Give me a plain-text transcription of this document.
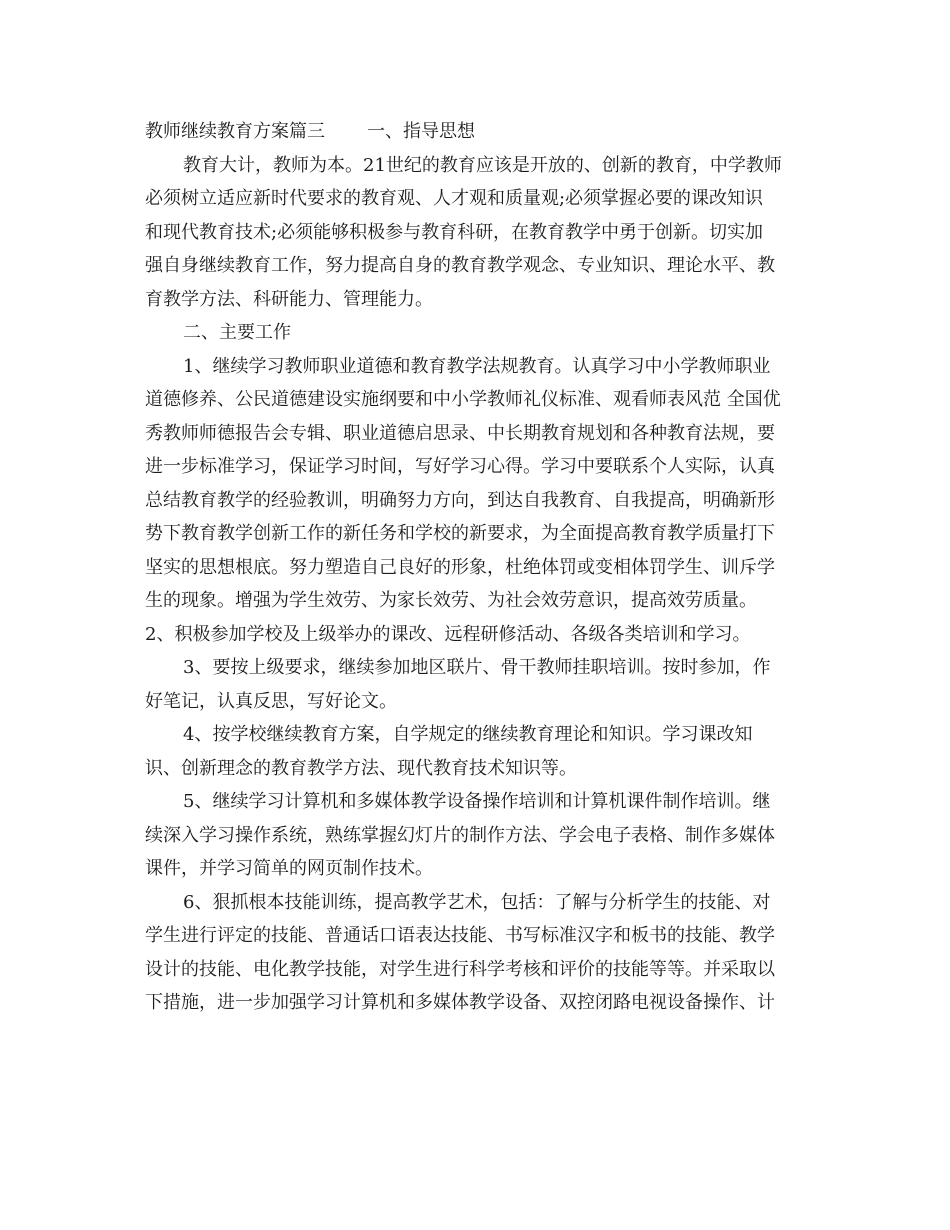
教师继续教育方案篇三 一、指导思想
教育大计，教师为本。21世纪的教育应该是开放的、创新的教育，中学教师
必须树立适应新时代要求的教育观、人才观和质量观;必须掌握必要的课改知识
和现代教育技术;必须能够积极参与教育科研，在教育教学中勇于创新。切实加
强自身继续教育工作，努力提高自身的教育教学观念、专业知识、理论水平、教
育教学方法、科研能力、管理能力。
二、主要工作
1、继续学习教师职业道德和教育教学法规教育。认真学习中小学教师职业
道德修养、公民道德建设实施纲要和中小学教师礼仪标准、观看师表风范 全国优
秀教师师德报告会专辑、职业道德启思录、中长期教育规划和各种教育法规，要
进一步标准学习，保证学习时间，写好学习心得。学习中要联系个人实际，认真
总结教育教学的经验教训，明确努力方向，到达自我教育、自我提高，明确新形
势下教育教学创新工作的新任务和学校的新要求，为全面提高教育教学质量打下
坚实的思想根底。努力塑造自己良好的形象，杜绝体罚或变相体罚学生、训斥学
生的现象。增强为学生效劳、为家长效劳、为社会效劳意识，提高效劳质量。
2、积极参加学校及上级举办的课改、远程研修活动、各级各类培训和学习。
3、要按上级要求，继续参加地区联片、骨干教师挂职培训。按时参加，作
好笔记，认真反思，写好论文。
4、按学校继续教育方案，自学规定的继续教育理论和知识。学习课改知
识、创新理念的教育教学方法、现代教育技术知识等。
5、继续学习计算机和多媒体教学设备操作培训和计算机课件制作培训。继
续深入学习操作系统，熟练掌握幻灯片的制作方法、学会电子表格、制作多媒体
课件，并学习简单的网页制作技术。
6、狠抓根本技能训练，提高教学艺术，包括：了解与分析学生的技能、对
学生进行评定的技能、普通话口语表达技能、书写标准汉字和板书的技能、教学
设计的技能、电化教学技能，对学生进行科学考核和评价的技能等等。并采取以
下措施，进一步加强学习计算机和多媒体教学设备、双控闭路电视设备操作、计
